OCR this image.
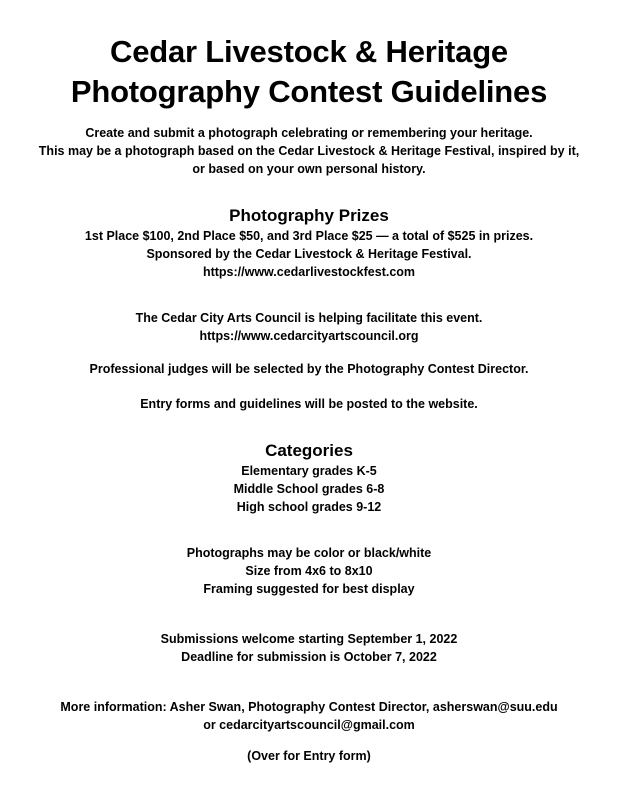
Cedar Livestock & Heritage
Photography Contest Guidelines
Create and submit a photograph celebrating or remembering your heritage.
This may be a photograph based on the Cedar Livestock & Heritage Festival, inspired by it,
or based on your own personal history.
Photography Prizes
1st Place $100, 2nd Place $50, and 3rd Place $25 — a total of $525 in prizes.
Sponsored by the Cedar Livestock & Heritage Festival.
https://www.cedarlivestockfest.com
The Cedar City Arts Council is helping facilitate this event.
https://www.cedarcityartscouncil.org
Professional judges will be selected by the Photography Contest Director.
Entry forms and guidelines will be posted to the website.
Categories
Elementary grades K-5
Middle School grades 6-8
High school grades 9-12
Photographs may be color or black/white
Size from 4x6 to 8x10
Framing suggested for best display
Submissions welcome starting September 1, 2022
Deadline for submission is October 7, 2022
More information: Asher Swan, Photography Contest Director, asherswan@suu.edu
or cedarcityartscouncil@gmail.com
(Over for Entry form)
